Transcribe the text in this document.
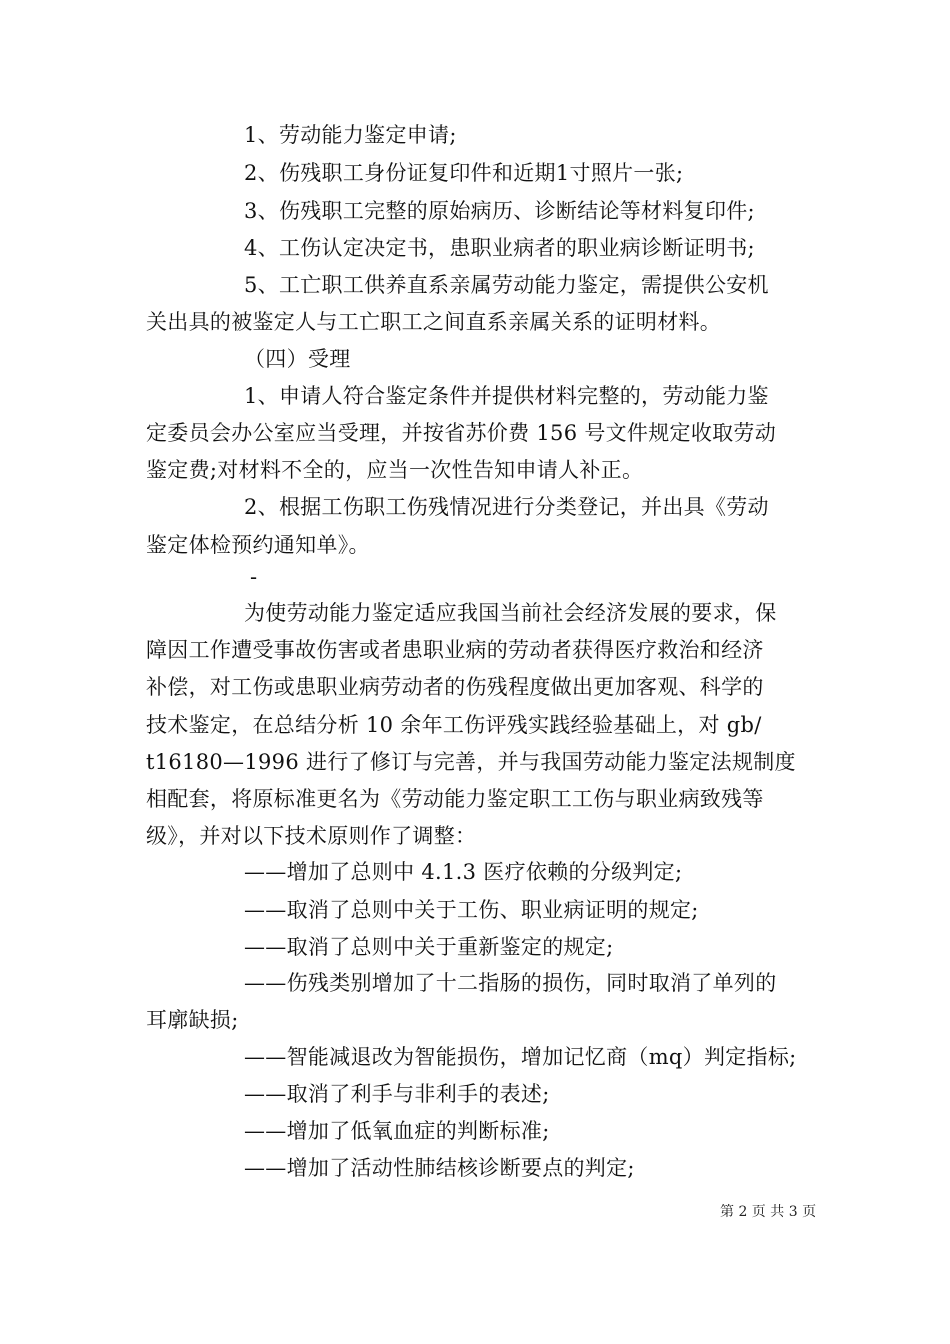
1、劳动能力鉴定申请;
2、伤残职工身份证复印件和近期1寸照片一张;
3、伤残职工完整的原始病历、诊断结论等材料复印件;
4、工伤认定决定书，患职业病者的职业病诊断证明书;
5、工亡职工供养直系亲属劳动能力鉴定，需提供公安机
关出具的被鉴定人与工亡职工之间直系亲属关系的证明材料。
（四）受理
1、申请人符合鉴定条件并提供材料完整的，劳动能力鉴
定委员会办公室应当受理，并按省苏价费 156 号文件规定收取劳动
鉴定费;对材料不全的，应当一次性告知申请人补正。
2、根据工伤职工伤残情况进行分类登记，并出具《劳动
鉴定体检预约通知单》。
-
为使劳动能力鉴定适应我国当前社会经济发展的要求，保
障因工作遭受事故伤害或者患职业病的劳动者获得医疗救治和经济
补偿，对工伤或患职业病劳动者的伤残程度做出更加客观、科学的
技术鉴定，在总结分析 10 余年工伤评残实践经验基础上，对 gb/
t16180—1996 进行了修订与完善，并与我国劳动能力鉴定法规制度
相配套，将原标准更名为《劳动能力鉴定职工工伤与职业病致残等
级》，并对以下技术原则作了调整：
——增加了总则中 4.1.3 医疗依赖的分级判定;
——取消了总则中关于工伤、职业病证明的规定;
——取消了总则中关于重新鉴定的规定;
——伤残类别增加了十二指肠的损伤，同时取消了单列的
耳廓缺损;
——智能减退改为智能损伤，增加记忆商（mq）判定指标;
——取消了利手与非利手的表述;
——增加了低氧血症的判断标准;
——增加了活动性肺结核诊断要点的判定;
第 2 页 共 3 页
